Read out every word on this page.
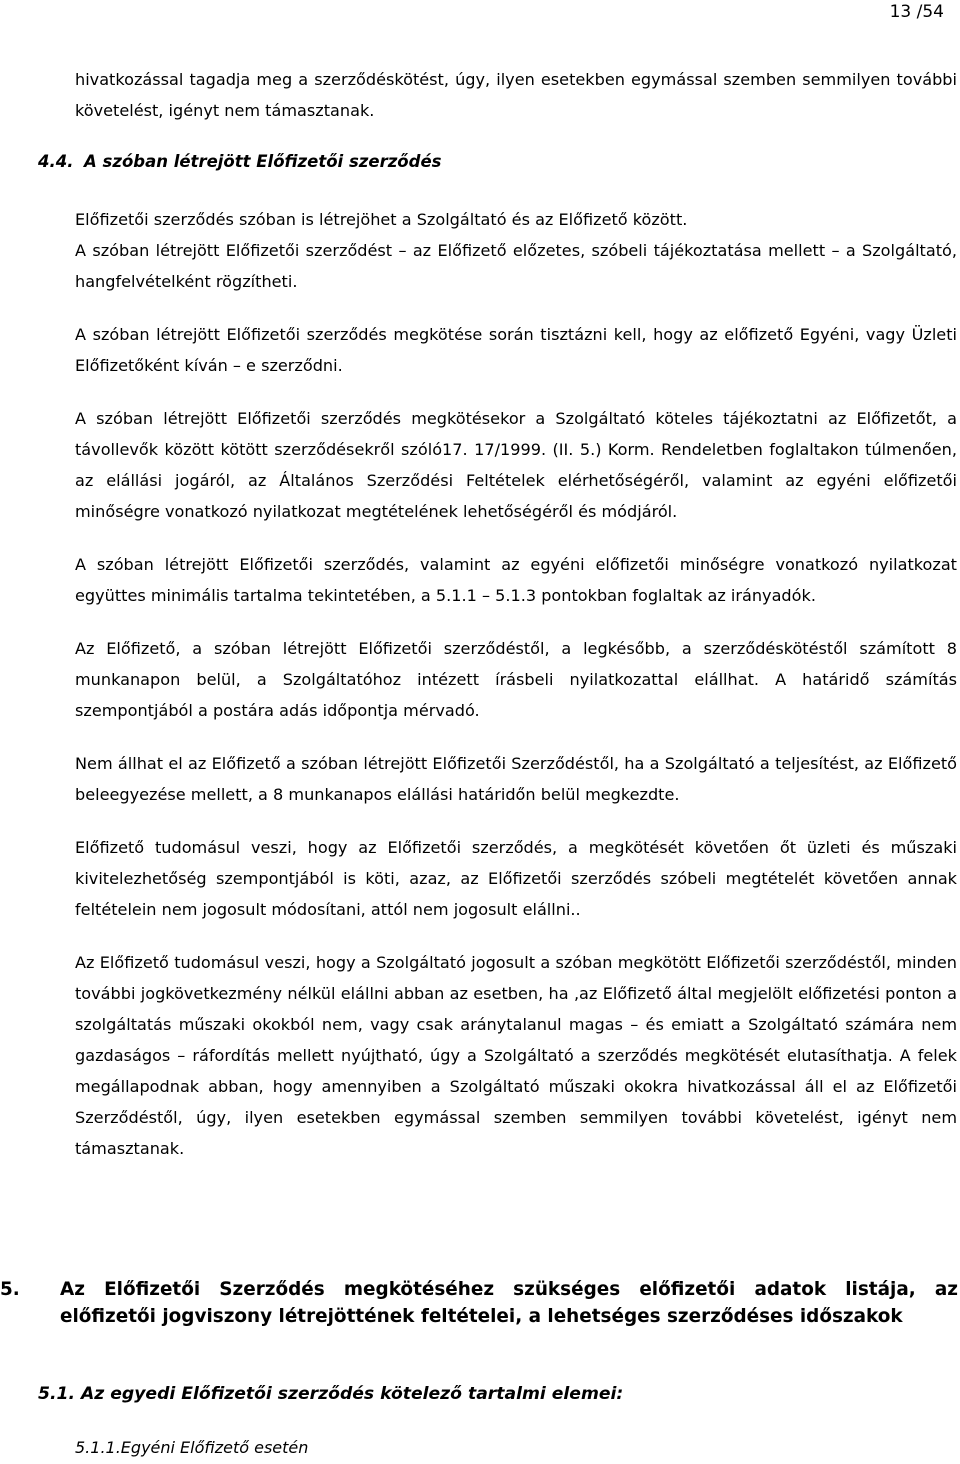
13 /54

hivatkozással tagadja meg a szerződéskötést, úgy, ilyen esetekben egymással szemben semmilyen további követelést, igényt nem támasztanak.

Előfizetői szerződés szóban is létrejöhet a Szolgáltató és az Előfizető között.

A szóban létrejött Előfizetői szerződést – az Előfizető előzetes, szóbeli tájékoztatása mellett – a Szolgáltató, hangfelvételként rögzítheti.

A szóban létrejött Előfizetői szerződés megkötése során tisztázni kell, hogy az előfizető Egyéni, vagy Üzleti Előfizetőként kíván – e szerződni.

A szóban létrejött Előfizetői szerződés megkötésekor a Szolgáltató köteles tájékoztatni az Előfizetőt, a távollevők között kötött szerződésekről szóló17. 17/1999. (II. 5.) Korm. Rendeletben foglaltakon túlmenően, az elállási jogáról, az Általános Szerződési Feltételek elérhetőségéről, valamint az egyéni előfizetői minőségre vonatkozó nyilatkozat megtételének lehetőségéről és módjáról.

A szóban létrejött Előfizetői szerződés, valamint az egyéni előfizetői minőségre vonatkozó nyilatkozat együttes minimális tartalma tekintetében, a 5.1.1 – 5.1.3 pontokban foglaltak az irányadók.

Az Előfizető, a szóban létrejött Előfizetői szerződéstől, a legkésőbb, a szerződéskötéstől számított 8 munkanapon belül, a Szolgáltatóhoz intézett írásbeli nyilatkozattal elállhat. A határidő számítás szempontjából a postára adás időpontja mérvadó.

Nem állhat el az Előfizető a szóban létrejött Előfizetői Szerződéstől, ha a Szolgáltató a teljesítést, az Előfizető beleegyezése mellett, a 8 munkanapos elállási határidőn belül megkezdte.

Előfizető tudomásul veszi, hogy az Előfizetői szerződés, a megkötését követően őt üzleti és műszaki kivitelezhetőség szempontjából is köti, azaz, az Előfizetői szerződés szóbeli megtételét követően annak feltételein nem jogosult módosítani, attól nem jogosult elállni..

Az Előfizető tudomásul veszi, hogy a Szolgáltató jogosult a szóban megkötött Előfizetői szerződéstől, minden további jogkövetkezmény nélkül elállni abban az esetben, ha ,az Előfizető által megjelölt előfizetési ponton a szolgáltatás műszaki okokból nem, vagy csak aránytalanul magas – és emiatt a Szolgáltató számára nem gazdaságos – ráfordítás mellett nyújtható, úgy a Szolgáltató a szerződés megkötését elutasíthatja. A felek megállapodnak abban, hogy amennyiben a Szolgáltató műszaki okokra hivatkozással áll el az Előfizetői Szerződéstől, úgy, ilyen esetekben egymással szemben semmilyen további követelést, igényt nem támasztanak.

4.4. A szóban létrejött Előfizetői szerződés
5. Az Előfizetői Szerződés megkötéséhez szükséges előfizetői adatok listája, az előfizetői jogviszony létrejöttének feltételei, a lehetséges szerződéses időszakok
5.1. Az egyedi Előfizetői szerződés kötelező tartalmi elemei:
5.1.1.Egyéni Előfizető esetén
